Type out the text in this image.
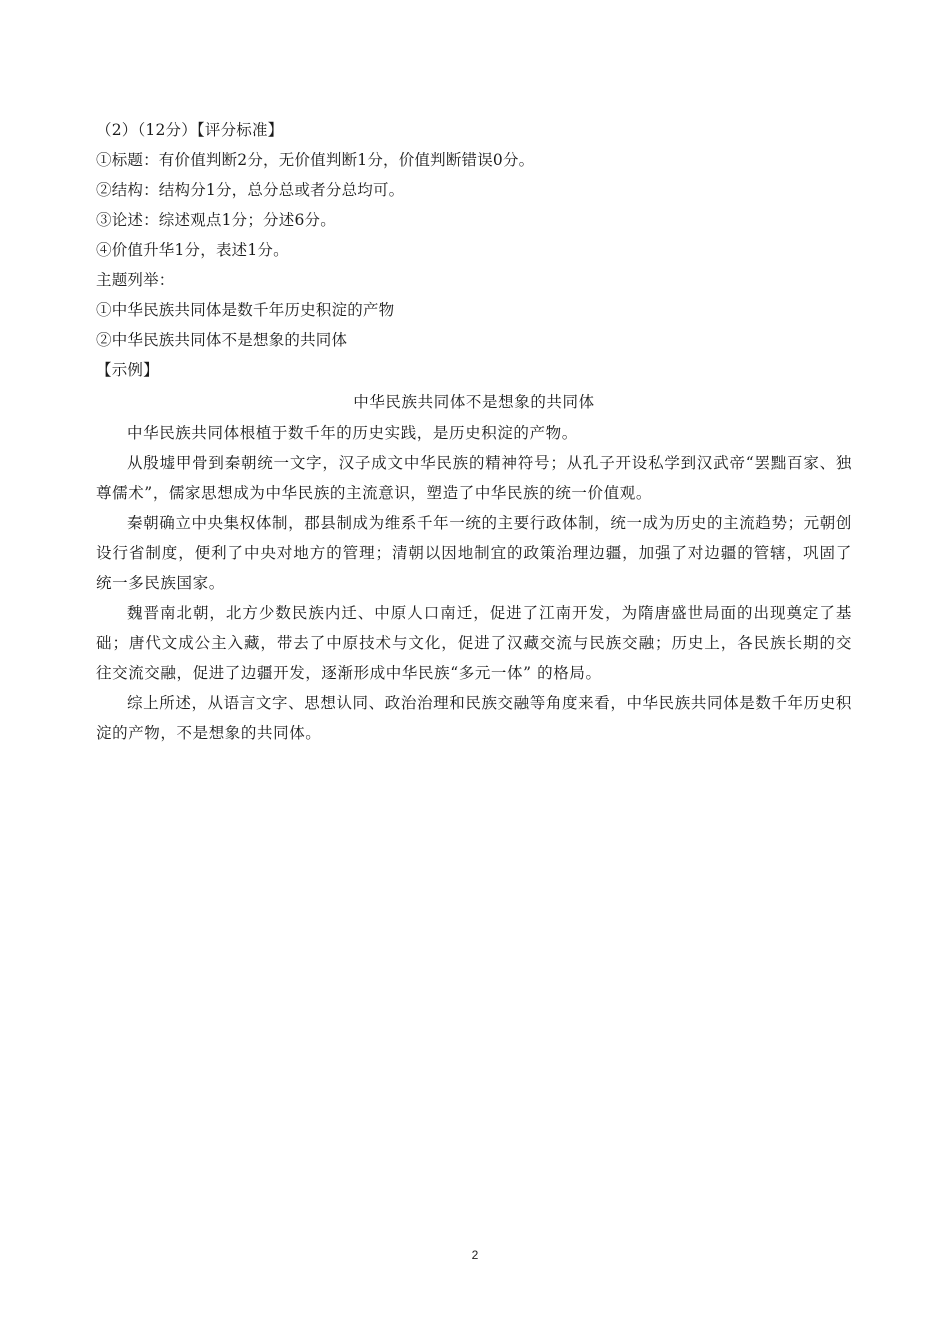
（2）（12分）【评分标准】
①标题：有价值判断2分，无价值判断1分，价值判断错误0分。
②结构：结构分1分，总分总或者分总均可。
③论述：综述观点1分；分述6分。
④价值升华1分，表述1分。
主题列举：
①中华民族共同体是数千年历史积淀的产物
②中华民族共同体不是想象的共同体
【示例】
中华民族共同体不是想象的共同体
中华民族共同体根植于数千年的历史实践，是历史积淀的产物。
从殷墟甲骨到秦朝统一文字，汉子成文中华民族的精神符号；从孔子开设私学到汉武帝“罢黜百家、独尊儒术”，儒家思想成为中华民族的主流意识，塑造了中华民族的统一价值观。
秦朝确立中央集权体制，郡县制成为维系千年一统的主要行政体制，统一成为历史的主流趋势；元朝创设行省制度，便利了中央对地方的管理；清朝以因地制宜的政策治理边疆，加强了对边疆的管辖，巩固了统一多民族国家。
魏晋南北朝，北方少数民族内迁、中原人口南迁，促进了江南开发，为隋唐盛世局面的出现奠定了基础；唐代文成公主入藏，带去了中原技术与文化，促进了汉藏交流与民族交融；历史上，各民族长期的交往交流交融，促进了边疆开发，逐渐形成中华民族“多元一体” 的格局。
综上所述，从语言文字、思想认同、政治治理和民族交融等角度来看，中华民族共同体是数千年历史积淀的产物，不是想象的共同体。
2
